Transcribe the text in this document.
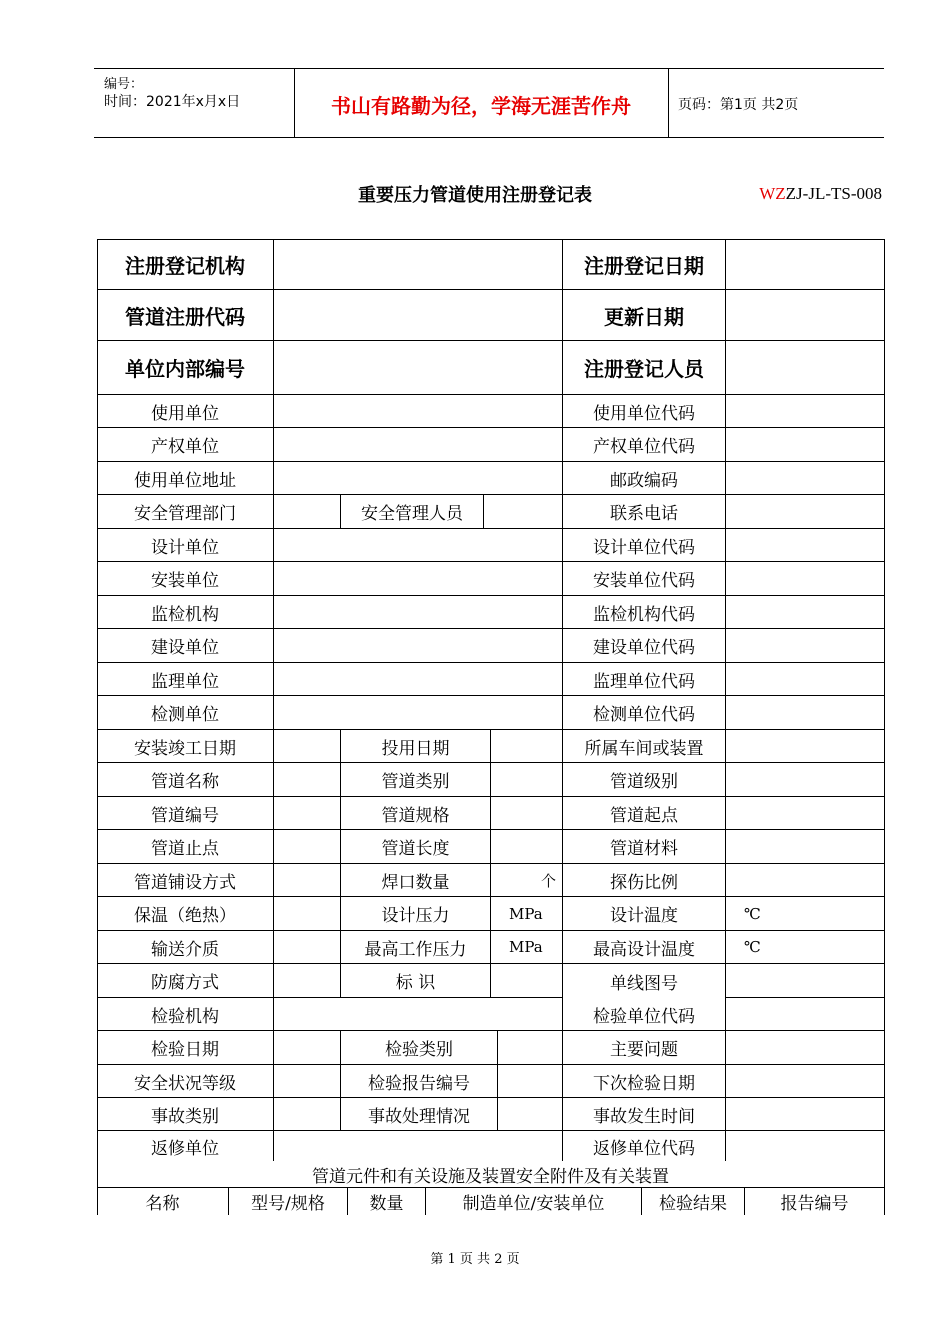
编号：
时间：2021年x月x日	书山有路勤为径，学海无涯苦作舟	页码：第1页 共2页
重要压力管道使用注册登记表	WZZJ-JL-TS-008
注册登记机构	注册登记日期
管道注册代码	更新日期
单位内部编号	注册登记人员
使用单位	使用单位代码
产权单位	产权单位代码
使用单位地址	邮政编码
安全管理部门	安全管理人员	联系电话
设计单位	设计单位代码
安装单位	安装单位代码
监检机构	监检机构代码
建设单位	建设单位代码
监理单位	监理单位代码
检测单位	检测单位代码
安装竣工日期	投用日期	所属车间或装置
管道名称	管道类别	管道级别
管道编号	管道规格	管道起点
管道止点	管道长度	管道材料
管道铺设方式	焊口数量	个	探伤比例
保温（绝热）	设计压力	MPa	设计温度	℃
输送介质	最高工作压力	MPa	最高设计温度	℃
防腐方式	标 识	单线图号
检验机构	检验单位代码
检验日期	检验类别	主要问题
安全状况等级	检验报告编号	下次检验日期
事故类别	事故处理情况	事故发生时间
返修单位	返修单位代码
管道元件和有关设施及装置安全附件及有关装置
名称	型号/规格	数量	制造单位/安装单位	检验结果	报告编号
第 1 页 共 2 页
